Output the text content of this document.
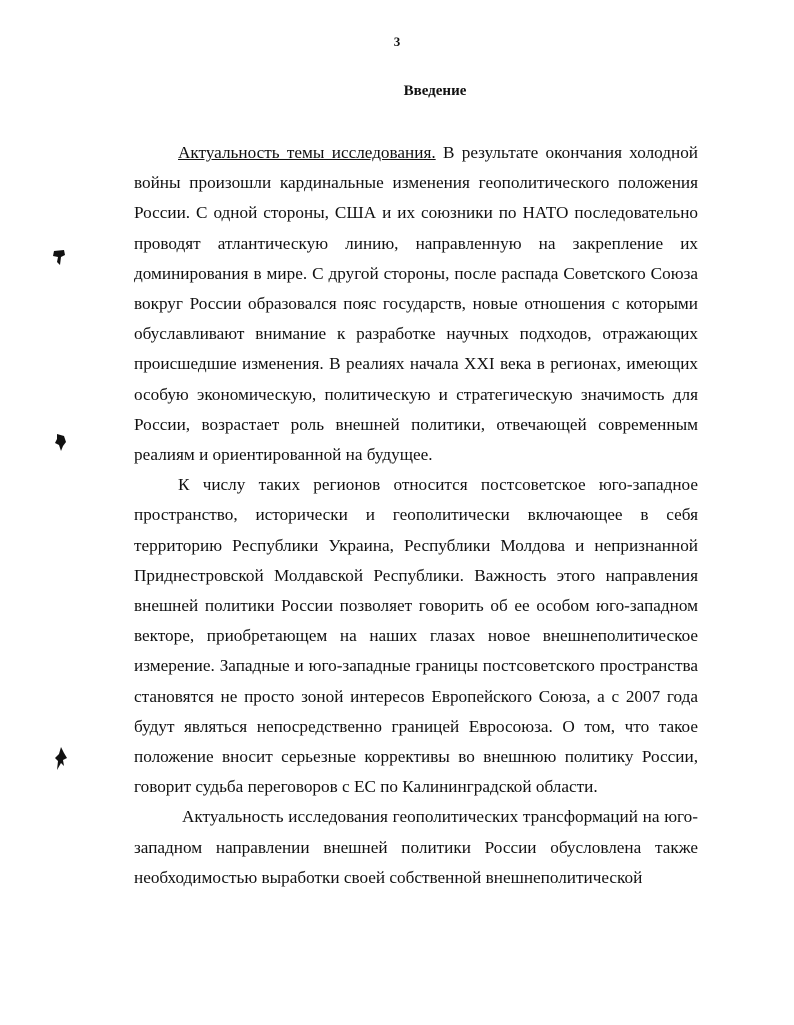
3
Введение

Актуальность темы исследования. В результате окончания холодной войны произошли кардинальные изменения геополитического положения России. С одной стороны, США и их союзники по НАТО последовательно проводят атлантическую линию, направленную на закрепление их доминирования в мире. С другой стороны, после распада Советского Союза вокруг России образовался пояс государств, новые отношения с которыми обуславливают внимание к разработке научных подходов, отражающих происшедшие изменения. В реалиях начала XXI века в регионах, имеющих особую экономическую, политическую и стратегическую значимость для России, возрастает роль внешней политики, отвечающей современным реалиям и ориентированной на будущее.

К числу таких регионов относится постсоветское юго-западное пространство, исторически и геополитически включающее в себя территорию Республики Украина, Республики Молдова и непризнанной Приднестровской Молдавской Республики. Важность этого направления внешней политики России позволяет говорить об ее особом юго-западном векторе, приобретающем на наших глазах новое внешнеполитическое измерение. Западные и юго-западные границы постсоветского пространства становятся не просто зоной интересов Европейского Союза, а с 2007 года будут являться непосредственно границей Евросоюза. О том, что такое положение вносит серьезные коррективы во внешнюю политику России, говорит судьба переговоров с ЕС по Калининградской области.

Актуальность исследования геополитических трансформаций на юго-западном направлении внешней политики России обусловлена также необходимостью выработки своей собственной внешнеполитической
